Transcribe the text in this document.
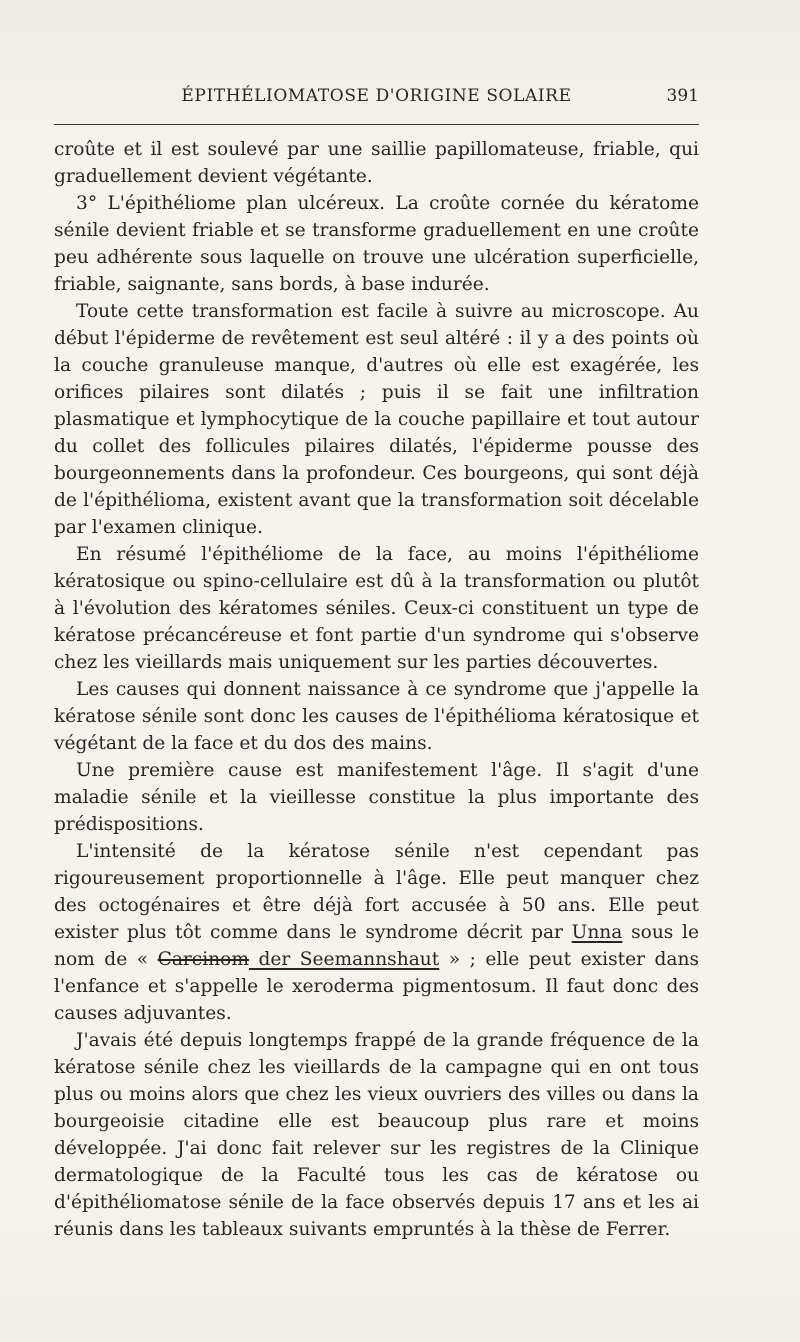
ÉPITHÉLIOMATOSE D'ORIGINE SOLAIRE	391

croûte et il est soulevé par une saillie papillomateuse, friable, qui graduellement devient végétante.

3° L'épithéliome plan ulcéreux. La croûte cornée du kératome sénile devient friable et se transforme graduellement en une croûte peu adhérente sous laquelle on trouve une ulcération superficielle, friable, saignante, sans bords, à base indurée.

Toute cette transformation est facile à suivre au microscope. Au début l'épiderme de revêtement est seul altéré : il y a des points où la couche granuleuse manque, d'autres où elle est exagérée, les orifices pilaires sont dilatés ; puis il se fait une infiltration plasmatique et lymphocytique de la couche papillaire et tout autour du collet des follicules pilaires dilatés, l'épiderme pousse des bourgeonnements dans la profondeur. Ces bourgeons, qui sont déjà de l'épithélioma, existent avant que la transformation soit décelable par l'examen clinique.

En résumé l'épithéliome de la face, au moins l'épithéliome kératosique ou spino-cellulaire est dû à la transformation ou plutôt à l'évolution des kératomes séniles. Ceux-ci constituent un type de kératose précancéreuse et font partie d'un syndrome qui s'observe chez les vieillards mais uniquement sur les parties découvertes.

Les causes qui donnent naissance à ce syndrome que j'appelle la kératose sénile sont donc les causes de l'épithélioma kératosique et végétant de la face et du dos des mains.

Une première cause est manifestement l'âge. Il s'agit d'une maladie sénile et la vieillesse constitue la plus importante des prédispositions.

L'intensité de la kératose sénile n'est cependant pas rigoureusement proportionnelle à l'âge. Elle peut manquer chez des octogénaires et être déjà fort accusée à 50 ans. Elle peut exister plus tôt comme dans le syndrome décrit par Unna sous le nom de « Carcinom der Seemannshaut » ; elle peut exister dans l'enfance et s'appelle le xeroderma pigmentosum. Il faut donc des causes adjuvantes.

J'avais été depuis longtemps frappé de la grande fréquence de la kératose sénile chez les vieillards de la campagne qui en ont tous plus ou moins alors que chez les vieux ouvriers des villes ou dans la bourgeoisie citadine elle est beaucoup plus rare et moins développée. J'ai donc fait relever sur les registres de la Clinique dermatologique de la Faculté tous les cas de kératose ou d'épithéliomatose sénile de la face observés depuis 17 ans et les ai réunis dans les tableaux suivants empruntés à la thèse de Ferrer.
